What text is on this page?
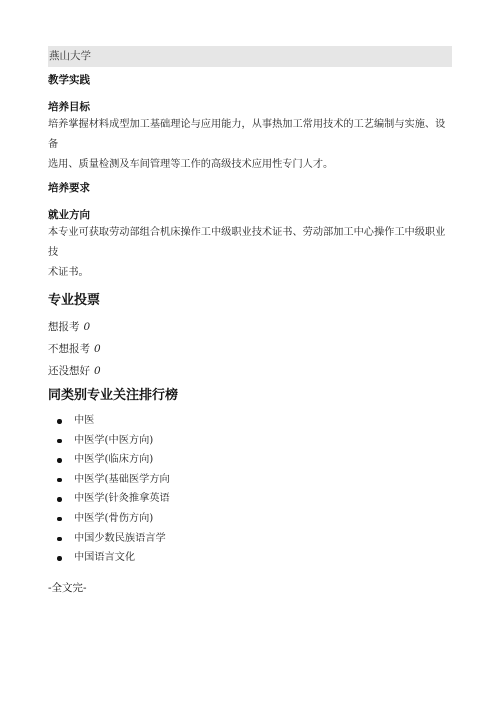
燕山大学
教学实践
培养目标
培养掌握材料成型加工基础理论与应用能力，从事热加工常用技术的工艺编制与实施、设备
选用、质量检测及车间管理等工作的高级技术应用性专门人才。
培养要求
就业方向
本专业可获取劳动部组合机床操作工中级职业技术证书、劳动部加工中心操作工中级职业技
术证书。
专业投票
想报考 0
不想报考 0
还没想好 0
同类别专业关注排行榜
中医
中医学(中医方向)
中医学(临床方向)
中医学(基础医学方向
中医学(针灸推拿英语
中医学(骨伤方向)
中国少数民族语言学
中国语言文化
-全文完-
